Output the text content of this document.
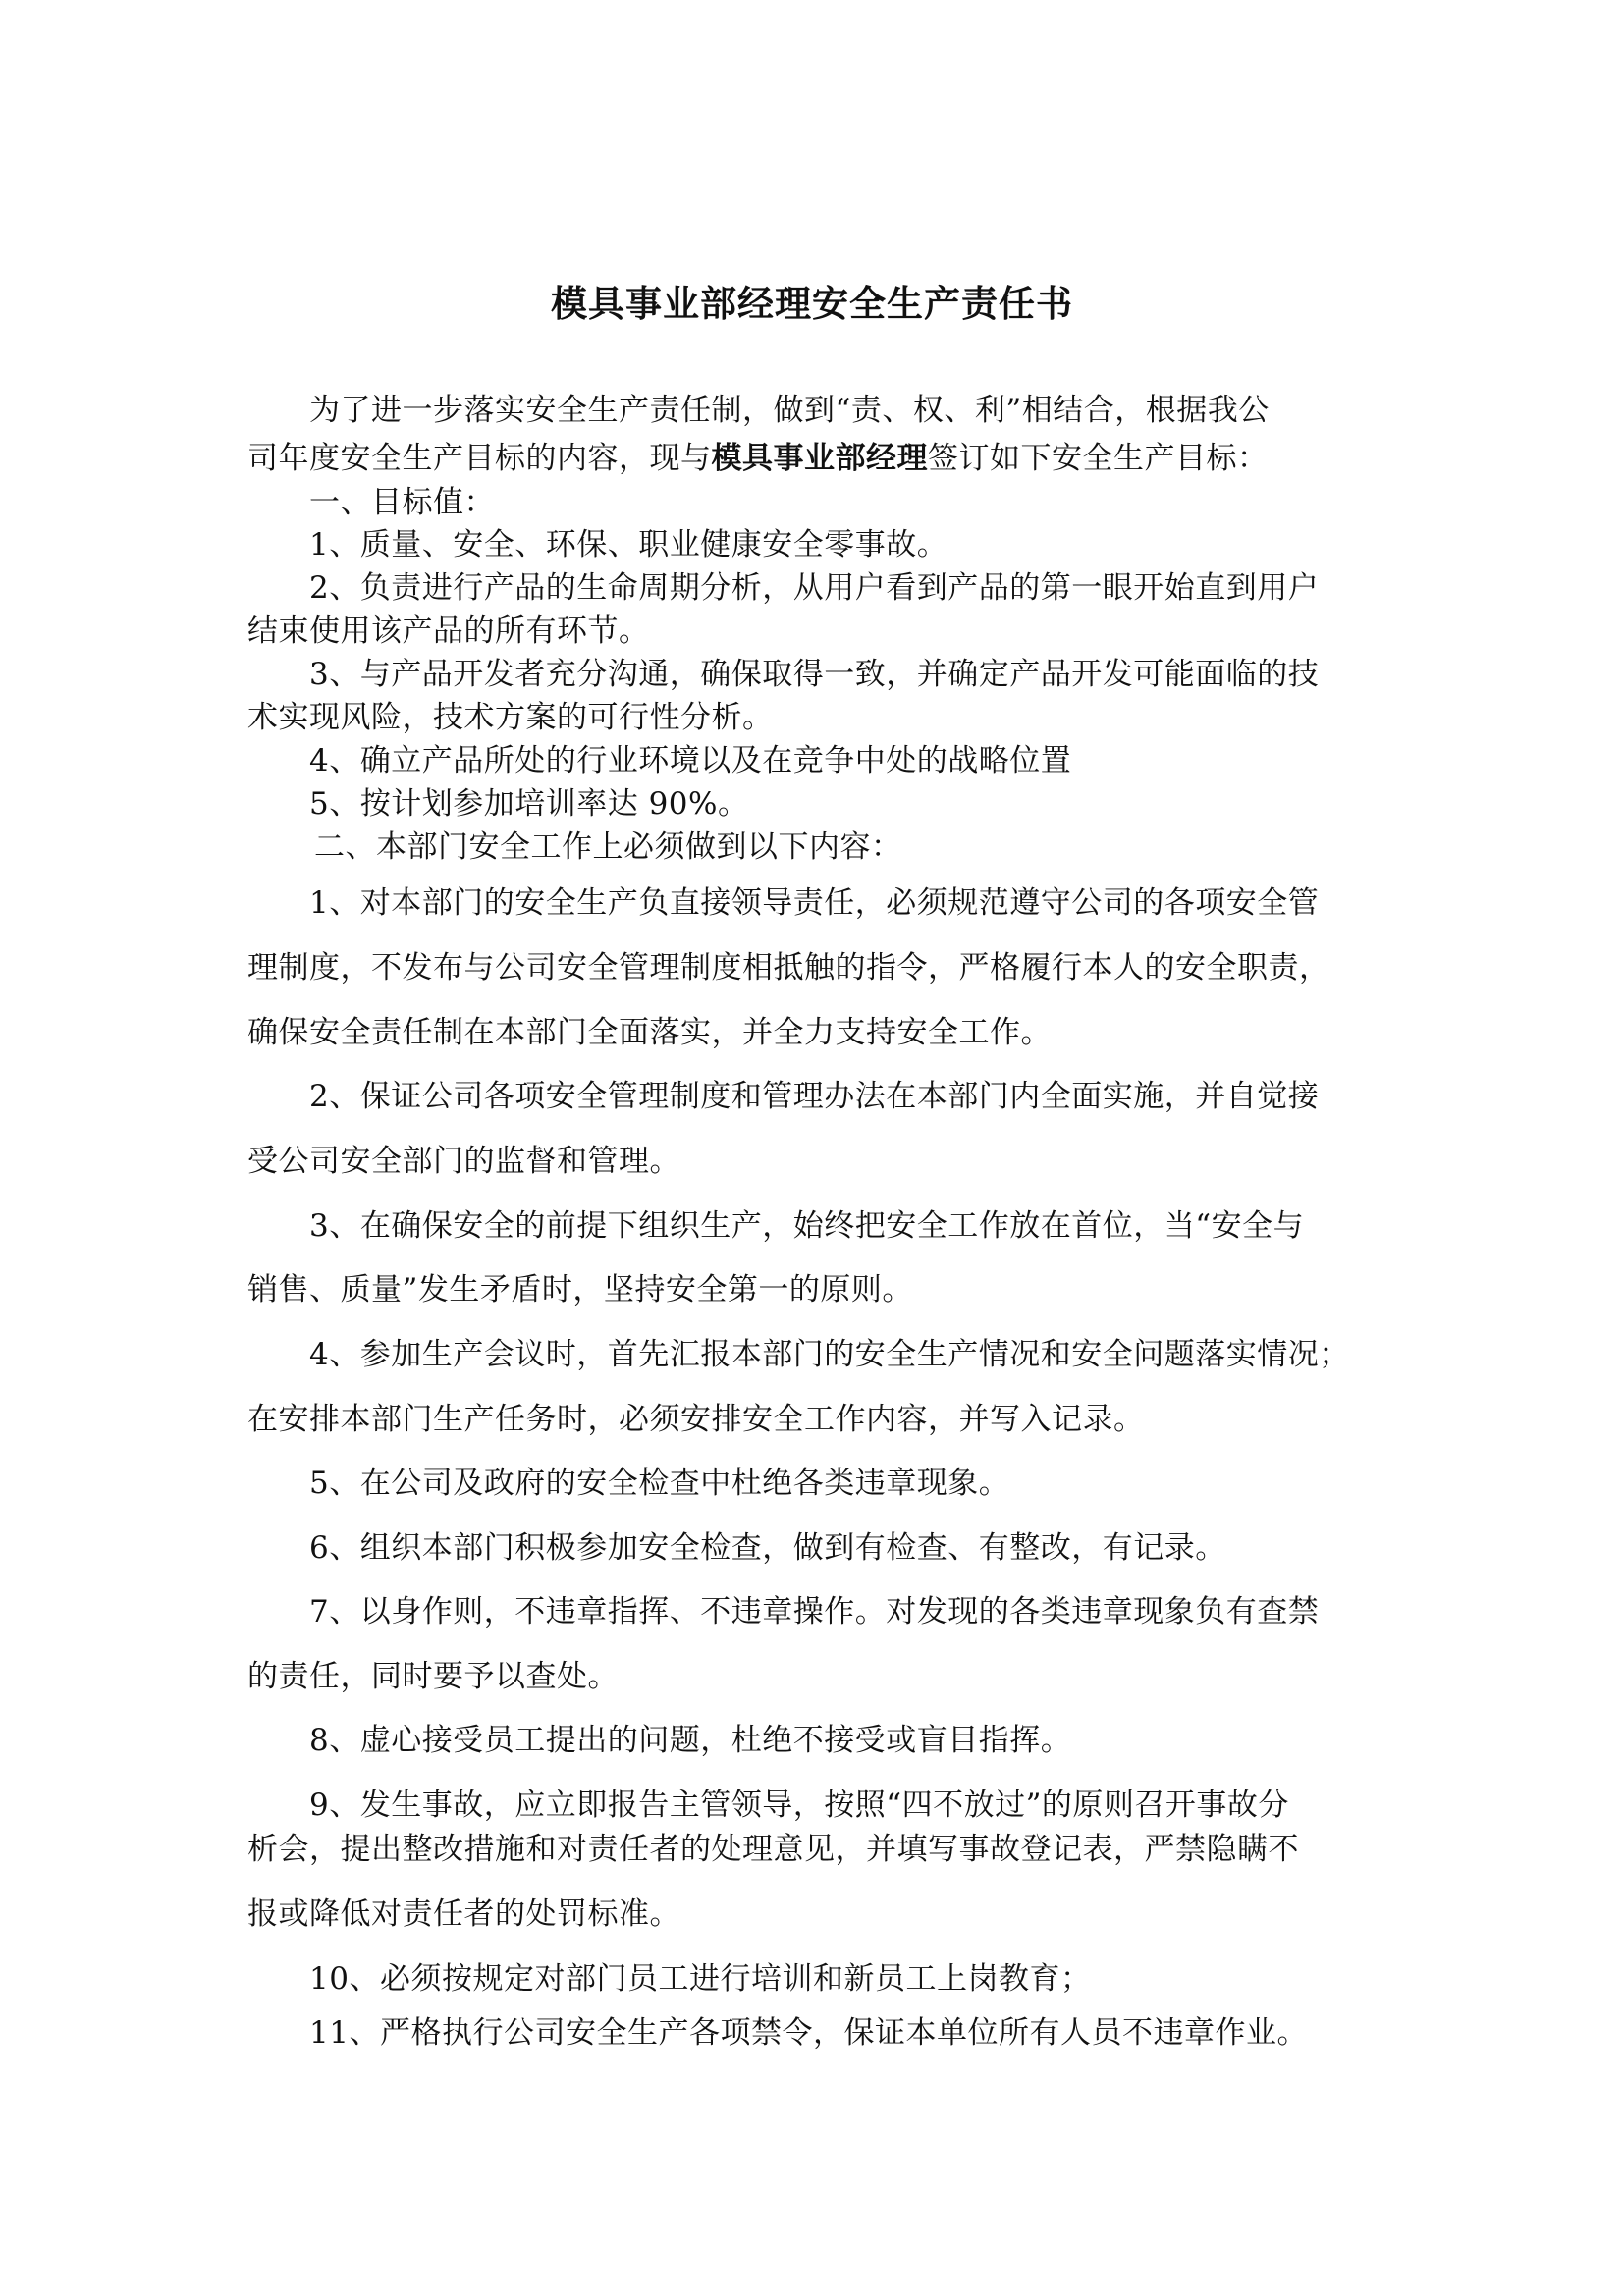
模具事业部经理安全生产责任书
为了进一步落实安全生产责任制，做到“责、权、利”相结合，根据我公
司年度安全生产目标的内容，现与模具事业部经理签订如下安全生产目标：
一、目标值：
1、质量、安全、环保、职业健康安全零事故。
2、负责进行产品的生命周期分析，从用户看到产品的第一眼开始直到用户
结束使用该产品的所有环节。
3、与产品开发者充分沟通，确保取得一致，并确定产品开发可能面临的技
术实现风险，技术方案的可行性分析。
4、确立产品所处的行业环境以及在竞争中处的战略位置
5、按计划参加培训率达 90%。
二、本部门安全工作上必须做到以下内容：
1、对本部门的安全生产负直接领导责任，必须规范遵守公司的各项安全管
理制度，不发布与公司安全管理制度相抵触的指令，严格履行本人的安全职责，
确保安全责任制在本部门全面落实，并全力支持安全工作。
2、保证公司各项安全管理制度和管理办法在本部门内全面实施，并自觉接
受公司安全部门的监督和管理。
3、在确保安全的前提下组织生产，始终把安全工作放在首位，当“安全与
销售、质量”发生矛盾时，坚持安全第一的原则。
4、参加生产会议时，首先汇报本部门的安全生产情况和安全问题落实情况；
在安排本部门生产任务时，必须安排安全工作内容，并写入记录。
5、在公司及政府的安全检查中杜绝各类违章现象。
6、组织本部门积极参加安全检查，做到有检查、有整改，有记录。
7、以身作则，不违章指挥、不违章操作。对发现的各类违章现象负有查禁
的责任，同时要予以查处。
8、虚心接受员工提出的问题，杜绝不接受或盲目指挥。
9、发生事故，应立即报告主管领导，按照“四不放过”的原则召开事故分
析会，提出整改措施和对责任者的处理意见，并填写事故登记表，严禁隐瞒不
报或降低对责任者的处罚标准。
10、必须按规定对部门员工进行培训和新员工上岗教育；
11、严格执行公司安全生产各项禁令，保证本单位所有人员不违章作业。
